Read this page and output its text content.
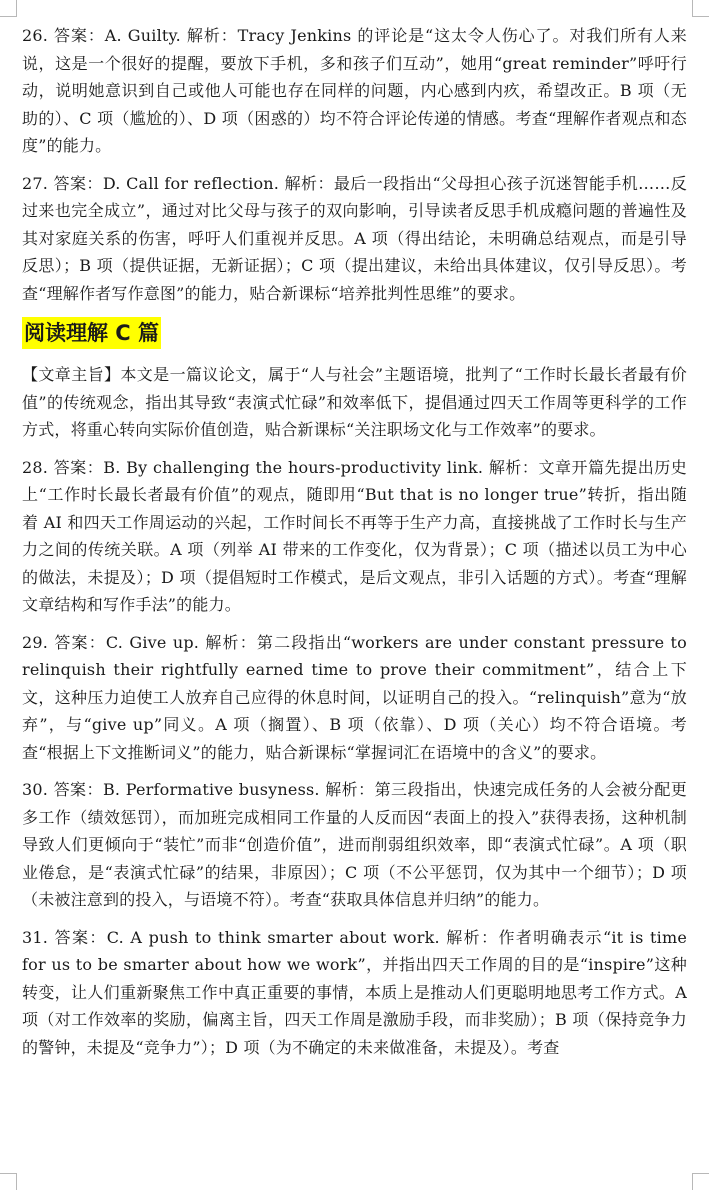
26. 答案：A. Guilty. 解析：Tracy Jenkins 的评论是“这太令人伤心了。对我们所有人来说，这是一个很好的提醒，要放下手机，多和孩子们互动”，她用“great reminder”呼吁行动，说明她意识到自己或他人可能也存在同样的问题，内心感到内疚，希望改正。B 项（无助的）、C 项（尴尬的）、D 项（困惑的）均不符合评论传递的情感。考查“理解作者观点和态度”的能力。

27. 答案：D. Call for reflection. 解析：最后一段指出“父母担心孩子沉迷智能手机……反过来也完全成立”，通过对比父母与孩子的双向影响，引导读者反思手机成瘾问题的普遍性及其对家庭关系的伤害，呼吁人们重视并反思。A 项（得出结论，未明确总结观点，而是引导反思）；B 项（提供证据，无新证据）；C 项（提出建议，未给出具体建议，仅引导反思）。考查“理解作者写作意图”的能力，贴合新课标“培养批判性思维”的要求。

阅读理解 C 篇

【文章主旨】本文是一篇议论文，属于“人与社会”主题语境，批判了“工作时长最长者最有价值”的传统观念，指出其导致“表演式忙碌”和效率低下，提倡通过四天工作周等更科学的工作方式，将重心转向实际价值创造，贴合新课标“关注职场文化与工作效率”的要求。

28. 答案：B. By challenging the hours-productivity link. 解析：文章开篇先提出历史上“工作时长最长者最有价值”的观点，随即用“But that is no longer true”转折，指出随着 AI 和四天工作周运动的兴起，工作时间长不再等于生产力高，直接挑战了工作时长与生产力之间的传统关联。A 项（列举 AI 带来的工作变化，仅为背景）；C 项（描述以员工为中心的做法，未提及）；D 项（提倡短时工作模式，是后文观点，非引入话题的方式）。考查“理解文章结构和写作手法”的能力。

29. 答案：C. Give up. 解析：第二段指出“workers are under constant pressure to relinquish their rightfully earned time to prove their commitment”，结合上下文，这种压力迫使工人放弃自己应得的休息时间，以证明自己的投入。“relinquish”意为“放弃”，与“give up”同义。A 项（搁置）、B 项（依靠）、D 项（关心）均不符合语境。考查“根据上下文推断词义”的能力，贴合新课标“掌握词汇在语境中的含义”的要求。

30. 答案：B. Performative busyness. 解析：第三段指出，快速完成任务的人会被分配更多工作（绩效惩罚），而加班完成相同工作量的人反而因“表面上的投入”获得表扬，这种机制导致人们更倾向于“装忙”而非“创造价值”，进而削弱组织效率，即“表演式忙碌”。A 项（职业倦怠，是“表演式忙碌”的结果，非原因）；C 项（不公平惩罚，仅为其中一个细节）；D 项（未被注意到的投入，与语境不符）。考查“获取具体信息并归纳”的能力。

31. 答案：C. A push to think smarter about work. 解析：作者明确表示“it is time for us to be smarter about how we work”，并指出四天工作周的目的是“inspire”这种转变，让人们重新聚焦工作中真正重要的事情，本质上是推动人们更聪明地思考工作方式。A 项（对工作效率的奖励，偏离主旨，四天工作周是激励手段，而非奖励）；B 项（保持竞争力的警钟，未提及“竞争力”）；D 项（为不确定的未来做准备，未提及）。考查
